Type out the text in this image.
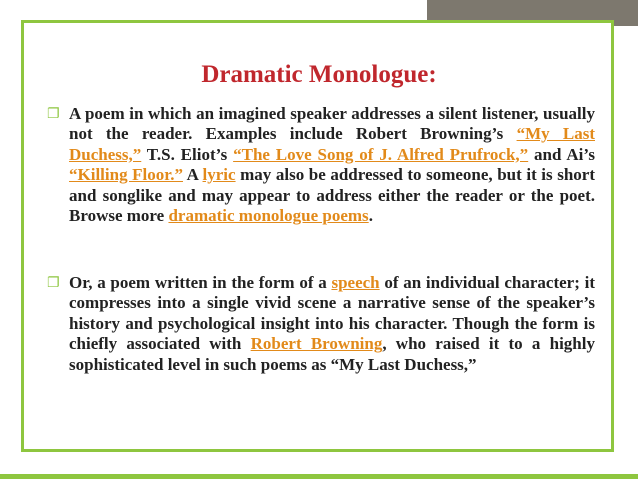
Dramatic Monologue:
❐ A poem in which an imagined speaker addresses a silent listener, usually not the reader. Examples include Robert Browning’s “My Last Duchess,” T.S. Eliot’s “The Love Song of J. Alfred Prufrock,” and Ai’s “Killing Floor.” A lyric may also be addressed to someone, but it is short and songlike and may appear to address either the reader or the poet. Browse more dramatic monologue poems.
❐ Or, a poem written in the form of a speech of an individual character; it compresses into a single vivid scene a narrative sense of the speaker’s history and psychological insight into his character. Though the form is chiefly associated with Robert Browning, who raised it to a highly sophisticated level in such poems as “My Last Duchess,”
